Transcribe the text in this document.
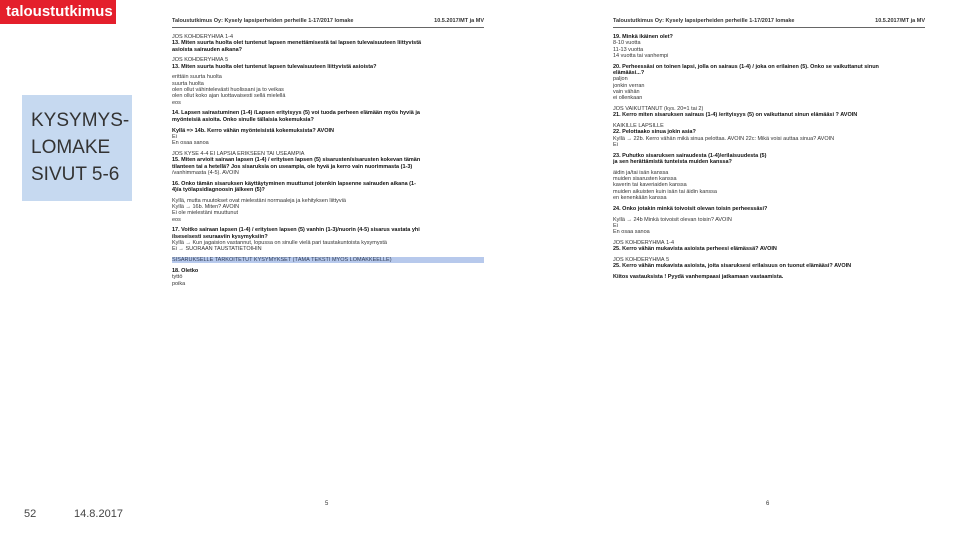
taloustutkimus
KYSYMYS-
LOMAKE
SIVUT 5-6
Taloustutkimus Oy: Kysely lapsiperheiden perheille 1-17/2017 lomake	10.5.2017/MT ja MV
JOS KOHDERYHMÄ 1-4
13. Miten suurta huolta olet tuntenut lapsen menettämisestä tai lapsen tulevaisuuteen liittyvistä
asioista sairauden aikana?
JOS KOHDERYHMÄ 5
13. Miten suurta huolta olet tuntenut lapsen tulevaisuuteen liittyvistä asioista?
erittäin suurta huolta
suurta huolta
olen ollut vähintelevästi huolissani ja to veikas
olen ollut koko ajan luottavaisesti sellä mielellä
eos
14. Lapsen sairastuminen (1-4) /Lapsen erityisyys (5) voi tuoda perheen elämään myös hyviä ja
myönteisiä asioita. Onko sinulle tällaisia kokemuksia?
Kyllä => 14b. Kerro vähän myönteisistä kokemuksista? AVOIN
Ei
En osaa sanoa
JOS KYSE 4-4 EI LAPSIA ERIKSEEN TAI USEAMPIA
15. Miten arvioit sairaan lapsen (1-4) / erityisen lapsen (5) sisarusten/sisarusten kokevan tämän
tilanteen tai a hetellä? Jos sisaruksia on useampia, ole hyvä ja kerro vain nuorimmasta (1-3)
/vanhimmasta (4-5). AVOIN
16. Onko tämän sisaruksen käyttäytyminen muuttunut jotenkin lapsenne sairauden aikana (1-
4)/a työlapsidiagnoosin jälkeen (5)?
Kyllä, mutta muutokset ovat mielestäni normaaleja ja kehityksen liittyviä
Kyllä → 16b. Miten? AVOIN
Ei ole mielestäni muuttunut
eos
17. Voitko sairaan lapsen (1-4) / erityisen lapsen (5) vanhin (1-3)/nuorin (4-5) sisarus vastata yhi
ilseseisesti seuraaviin kysymyksiin?
Kyllä → Kun jagaision vastannut, lopussa on sinulle vielä pari taustakuntoista kysymystä
Ei → SUORAAN TAUSTATIETOIHIN
SISARUKSELLE TARKOITETUT KYSYMYKSET (TÄMÄ TEKSTI MYÖS LOMAKKEELLE)
18. Oletko
tyttö
poika
5
Taloustutkimus Oy: Kysely lapsiperheiden perheille 1-17/2017 lomake	10.5.2017/MT ja MV
19. Minkä ikäinen olet?
8-10 vuotta
11-13 vuotta
14 vuotta tai vanhempi
20. Perheessäsi on toinen lapsi, jolla on sairaus (1-4) / joka on erilainen (5). Onko se vaikuttanut sinun
elämääsi...?
paljon
jonkin verran
vain vähän
ei ollenkaan
JOS VAIKUTTANUT (kys. 20=1 tai 2)
21. Kerro miten sisaruksen sairaus (1-4) /erityisyys (5) on vaikuttanut sinun elämääsi ? AVOIN
KAIKILLE LAPSILLE
22. Pelottaako sinua jokin asia?
Kyllä → 22b. Kerro vähän mikä sinua pelottaa. AVOIN 22c: Mikä voisi auttaa sinua? AVOIN
Ei
23. Puhutko sisaruksen sairaudesta (1-4)/erilaisuudesta (5)
ja sen herättämistä tunteista muiden kanssa?
äidin ja/tai isän kanssa
muiden sisarusten kanssa
kaverin tai kaveriaiden kanssa
muiden aikuisten kuin isän tai äidin kanssa
en kenenkään kanssa
24. Onko jotakin minkä toivoisit olevan toisin perheessäsi?
Kyllä → 24b Minkä toivoisit olevan toisin? AVOIN
Ei
En osaa sanoa
JOS KOHDERYHMÄ 1-4
25. Kerro vähän mukavista asioista perheesi elämässä? AVOIN
JOS KOHDERYHMÄ 5
25. Kerro vähän mukavista asioista, joita sisaruksesi erilaisuus on tuonut elämääsi? AVOIN
Kiitos vastauksista ! Pyydä vanhempaasi jatkamaan vastaamista.
6
52	14.8.2017
